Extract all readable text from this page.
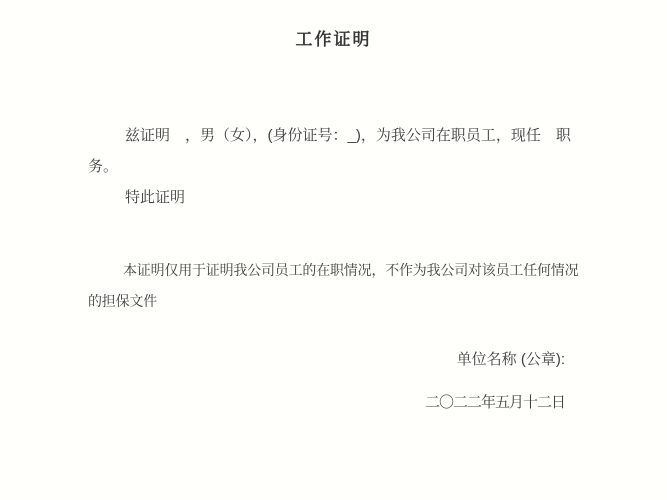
工作证明

兹证明　，男（女），(身份证号：_)，为我公司在职员工，现任　职
务。
特此证明

本证明仅用于证明我公司员工的在职情况，不作为我公司对该员工任何情况
的担保文件

单位名称 (公章):
二〇二二年五月十二日
